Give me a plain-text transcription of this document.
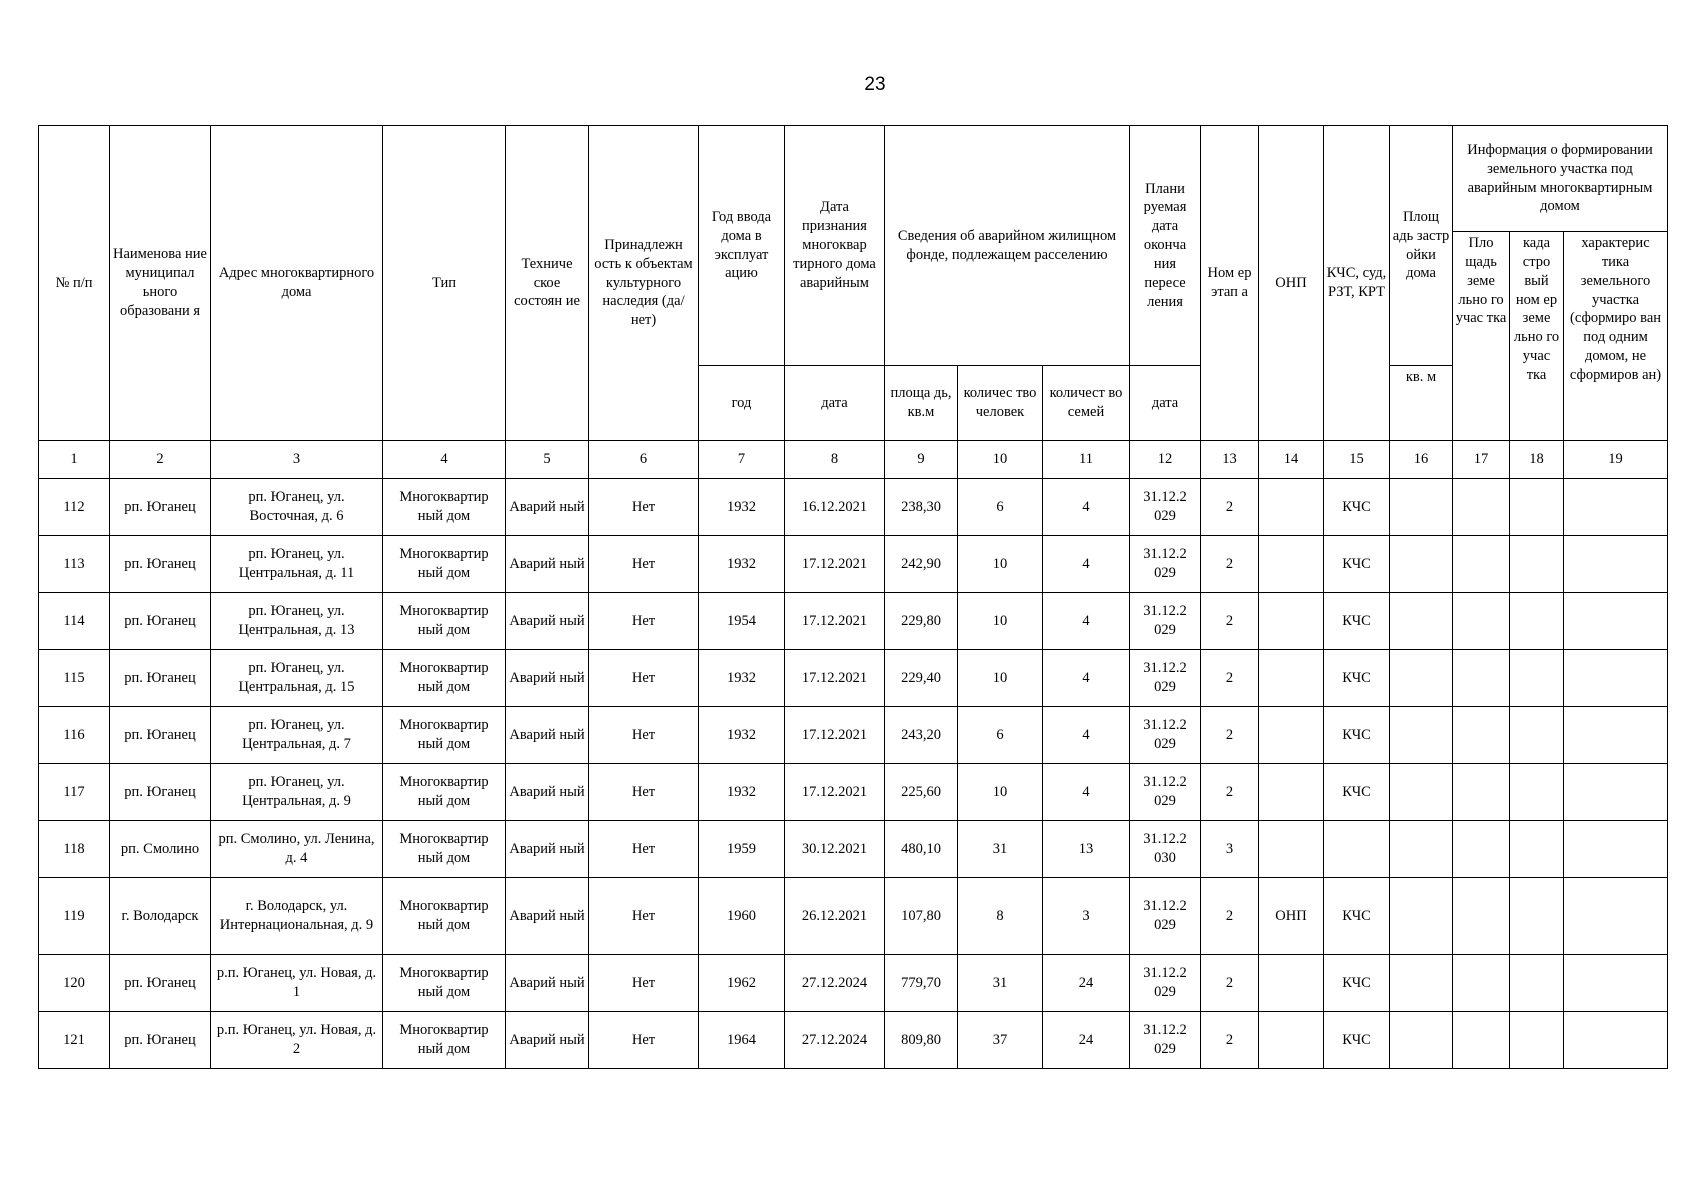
23
№ п/п	Наименова ние муниципал ьного образовани я	Адрес многоквартирного дома	Тип	Техниче ское состоян ие	Принадлежн ость к объектам культурного наследия (да/нет)	Год ввода дома в эксплуат ацию	Дата признания многоквар тирного дома аварийным	Сведения об аварийном жилищном фонде, подлежащем расселению			Плани руемая дата оконча ния пересе ления	Ном ер этап а	ОНП	КЧС, суд, РЗТ, КРТ	Площ адь застр ойки дома	Информация о формировании земельного участка под аварийным многоквартирным домом		
																Пло щадь земе льно го учас тка	када стро вый ном ер земе льно го учас тка	характерис тика земельного участка (сформиро ван под одним домом, не сформиров ан)
						год	дата	площа дь, кв.м	количес тво человек	количест во семей	дата				кв. м			
1	2	3	4	5	6	7	8	9	10	11	12	13	14	15	16	17	18	19
112	рп. Юганец	рп. Юганец, ул. Восточная, д. 6	Многоквартир ный дом	Аварий ный	Нет	1932	16.12.2021	238,30	6	4	31.12.2 029	2		КЧС				
113	рп. Юганец	рп. Юганец, ул. Центральная, д. 11	Многоквартир ный дом	Аварий ный	Нет	1932	17.12.2021	242,90	10	4	31.12.2 029	2		КЧС				
114	рп. Юганец	рп. Юганец, ул. Центральная, д. 13	Многоквартир ный дом	Аварий ный	Нет	1954	17.12.2021	229,80	10	4	31.12.2 029	2		КЧС				
115	рп. Юганец	рп. Юганец, ул. Центральная, д. 15	Многоквартир ный дом	Аварий ный	Нет	1932	17.12.2021	229,40	10	4	31.12.2 029	2		КЧС				
116	рп. Юганец	рп. Юганец, ул. Центральная, д. 7	Многоквартир ный дом	Аварий ный	Нет	1932	17.12.2021	243,20	6	4	31.12.2 029	2		КЧС				
117	рп. Юганец	рп. Юганец, ул. Центральная, д. 9	Многоквартир ный дом	Аварий ный	Нет	1932	17.12.2021	225,60	10	4	31.12.2 029	2		КЧС				
118	рп. Смолино	рп. Смолино, ул. Ленина, д. 4	Многоквартир ный дом	Аварий ный	Нет	1959	30.12.2021	480,10	31	13	31.12.2 030	3						
119	г. Володарск	г. Володарск, ул. Интернациональная, д. 9	Многоквартир ный дом	Аварий ный	Нет	1960	26.12.2021	107,80	8	3	31.12.2 029	2	ОНП	КЧС				
120	рп. Юганец	р.п. Юганец, ул. Новая, д. 1	Многоквартир ный дом	Аварий ный	Нет	1962	27.12.2024	779,70	31	24	31.12.2 029	2		КЧС				
121	рп. Юганец	р.п. Юганец, ул. Новая, д. 2	Многоквартир ный дом	Аварий ный	Нет	1964	27.12.2024	809,80	37	24	31.12.2 029	2		КЧС				
